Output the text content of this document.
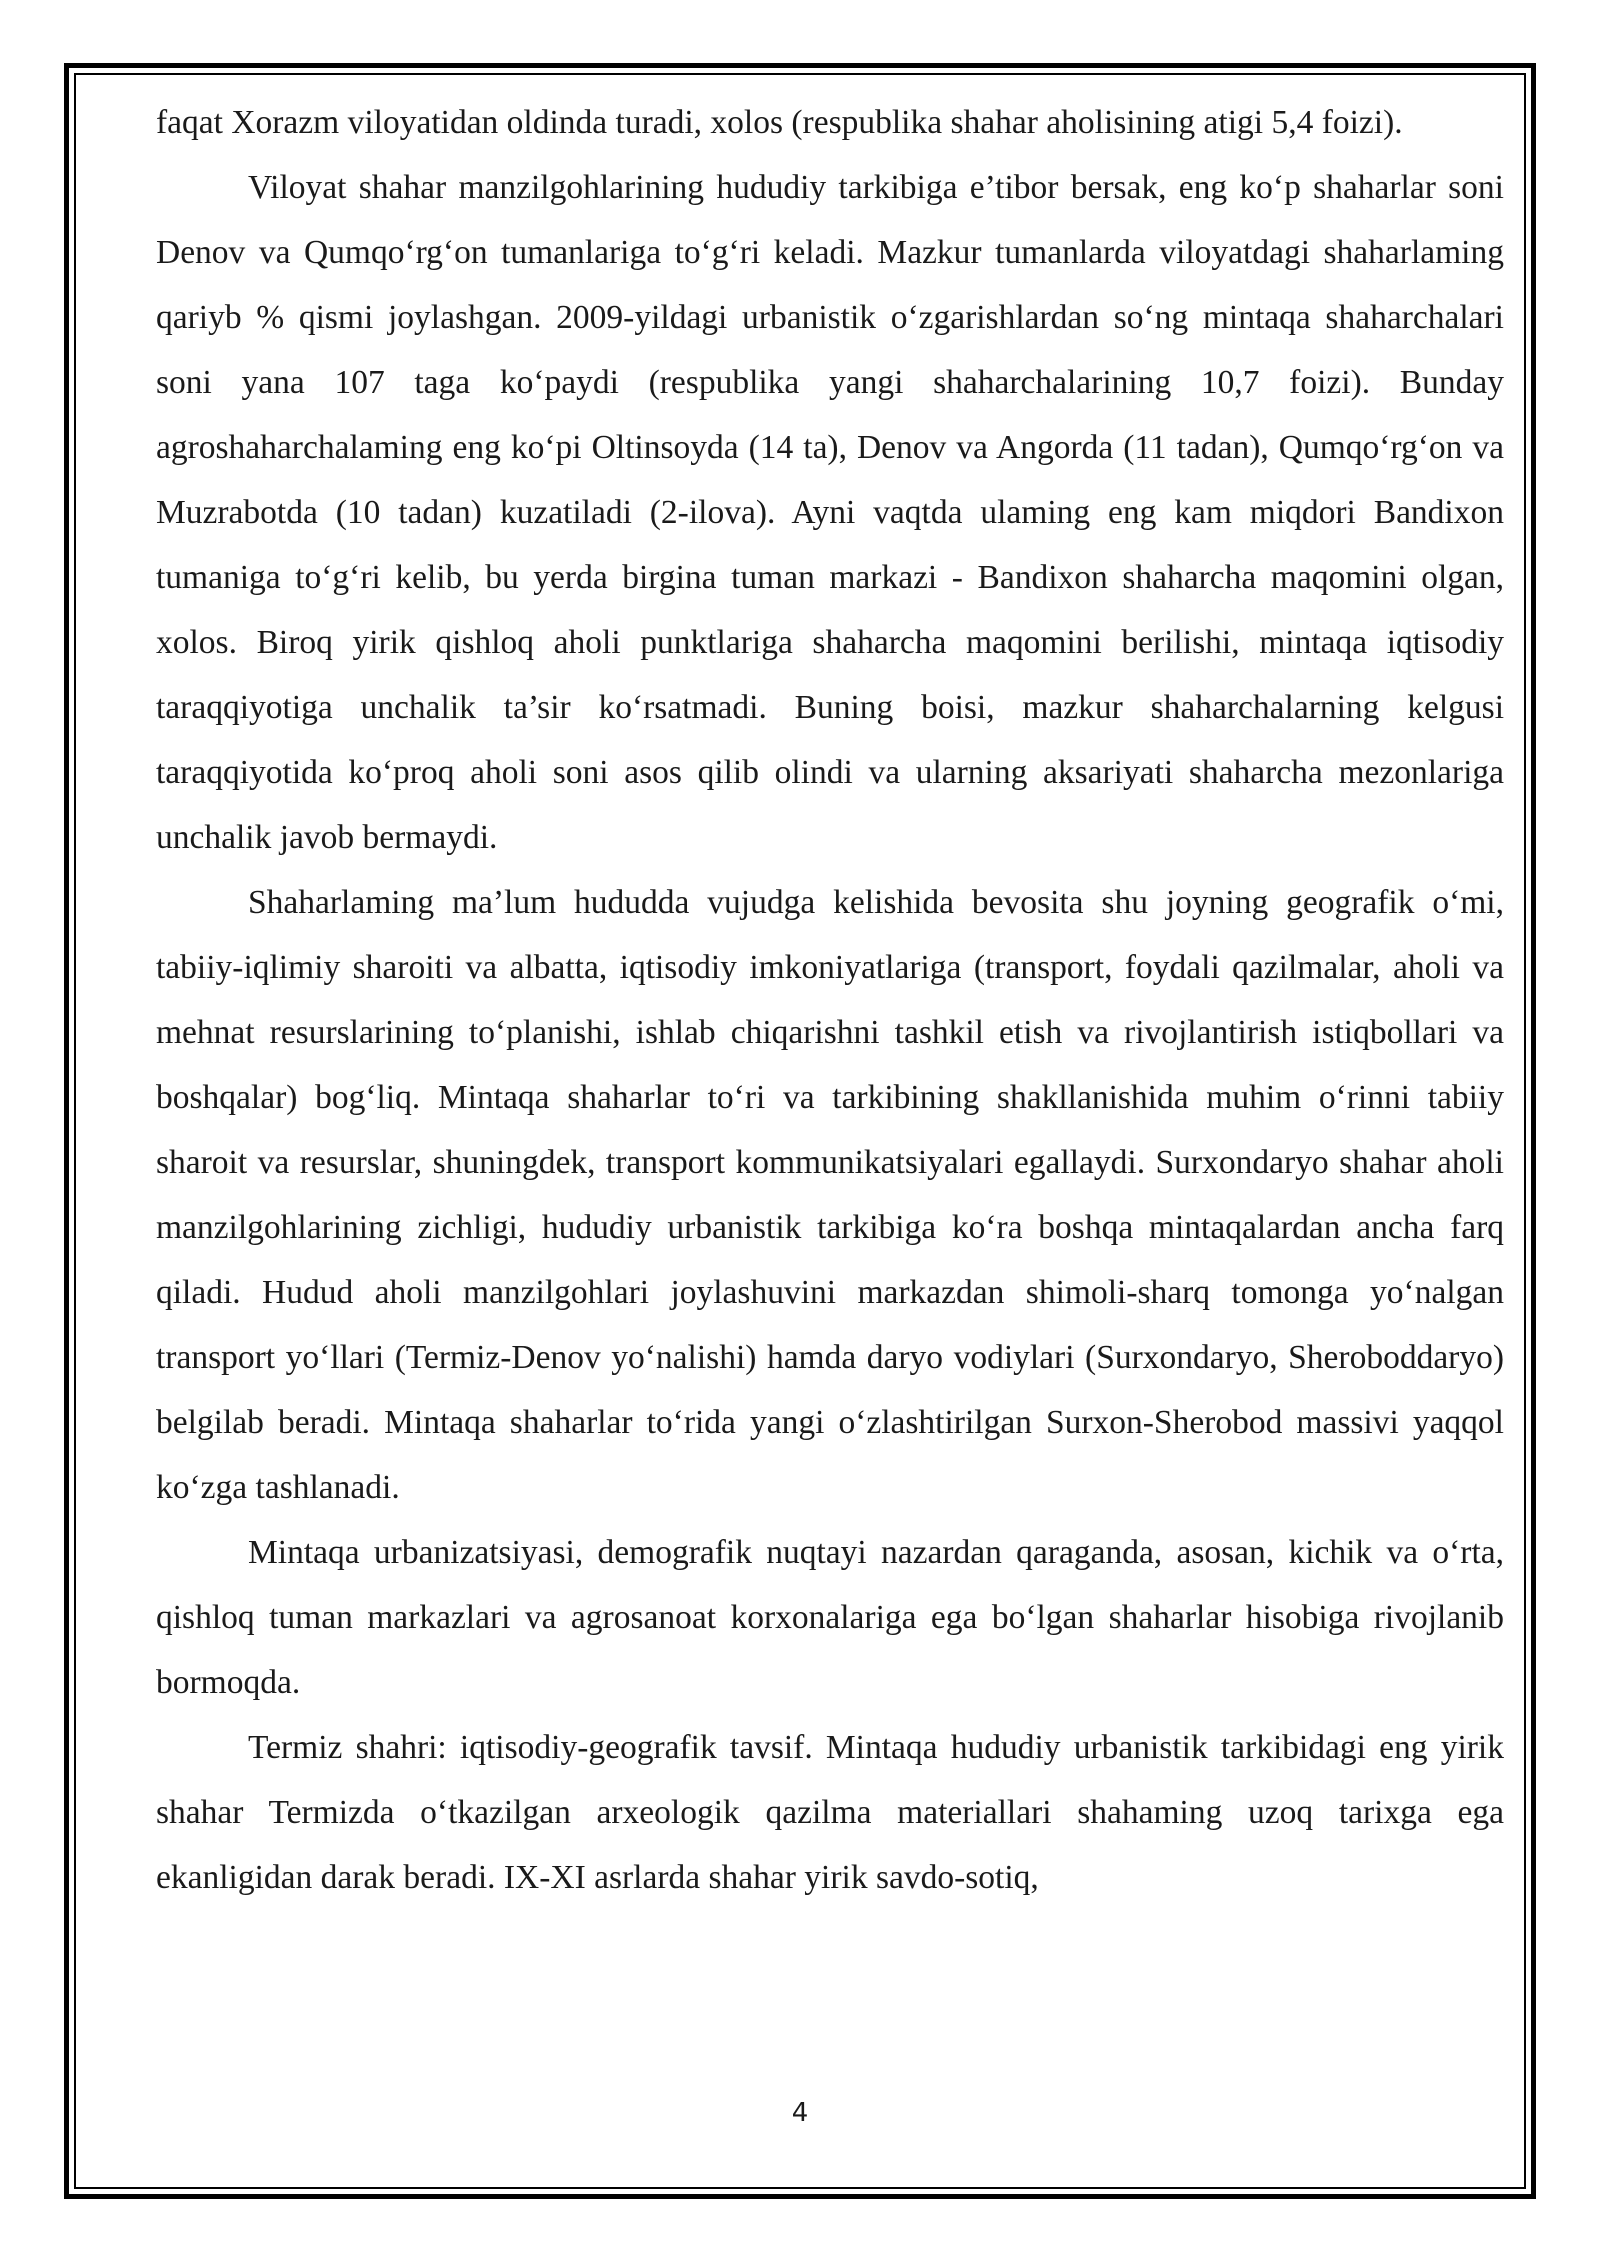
faqat Xorazm viloyatidan oldinda turadi, xolos (respublika shahar aholisining atigi 5,4 foizi).

Viloyat shahar manzilgohlarining hududiy tarkibiga e’tibor bersak, eng ko‘p shaharlar soni Denov va Qumqo‘rg‘on tumanlariga to‘g‘ri keladi. Mazkur tumanlarda viloyatdagi shaharlaming qariyb % qismi joylashgan. 2009-yildagi urbanistik o‘zgarishlardan so‘ng mintaqa shaharchalari soni yana 107 taga ko‘paydi (respublika yangi shaharchalarining 10,7 foizi). Bunday agroshaharchalaming eng ko‘pi Oltinsoyda (14 ta), Denov va Angorda (11 tadan), Qumqo‘rg‘on va Muzrabotda (10 tadan) kuzatiladi (2-ilova). Ayni vaqtda ulaming eng kam miqdori Bandixon tumaniga to‘g‘ri kelib, bu yerda birgina tuman markazi - Bandixon shaharcha maqomini olgan, xolos. Biroq yirik qishloq aholi punktlariga shaharcha maqomini berilishi, mintaqa iqtisodiy taraqqiyotiga unchalik ta’sir ko‘rsatmadi. Buning boisi, mazkur shaharchalarning kelgusi taraqqiyotida ko‘proq aholi soni asos qilib olindi va ularning aksariyati shaharcha mezonlariga unchalik javob bermaydi.

Shaharlaming ma’lum hududda vujudga kelishida bevosita shu joyning geografik o‘mi, tabiiy-iqlimiy sharoiti va albatta, iqtisodiy imkoniyatlariga (transport, foydali qazilmalar, aholi va mehnat resurslarining to‘planishi, ishlab chiqarishni tashkil etish va rivojlantirish istiqbollari va boshqalar) bog‘liq. Mintaqa shaharlar to‘ri va tarkibining shakllanishida muhim o‘rinni tabiiy sharoit va resurslar, shuningdek, transport kommunikatsiyalari egallaydi. Surxondaryo shahar aholi manzilgohlarining zichligi, hududiy urbanistik tarkibiga ko‘ra boshqa mintaqalardan ancha farq qiladi. Hudud aholi manzilgohlari joylashuvini markazdan shimoli-sharq tomonga yo‘nalgan transport yo‘llari (Termiz-Denov yo‘nalishi) hamda daryo vodiylari (Surxondaryo, Sheroboddaryo) belgilab beradi. Mintaqa shaharlar to‘rida yangi o‘zlashtirilgan Surxon-Sherobod massivi yaqqol ko‘zga tashlanadi.

Mintaqa urbanizatsiyasi, demografik nuqtayi nazardan qaraganda, asosan, kichik va o‘rta, qishloq tuman markazlari va agrosanoat korxonalariga ega bo‘lgan shaharlar hisobiga rivojlanib bormoqda.

Termiz shahri: iqtisodiy-geografik tavsif. Mintaqa hududiy urbanistik tarkibidagi eng yirik shahar Termizda o‘tkazilgan arxeologik qazilma materiallari shahaming uzoq tarixga ega ekanligidan darak beradi. IX-XI asrlarda shahar yirik savdo-sotiq,

4
